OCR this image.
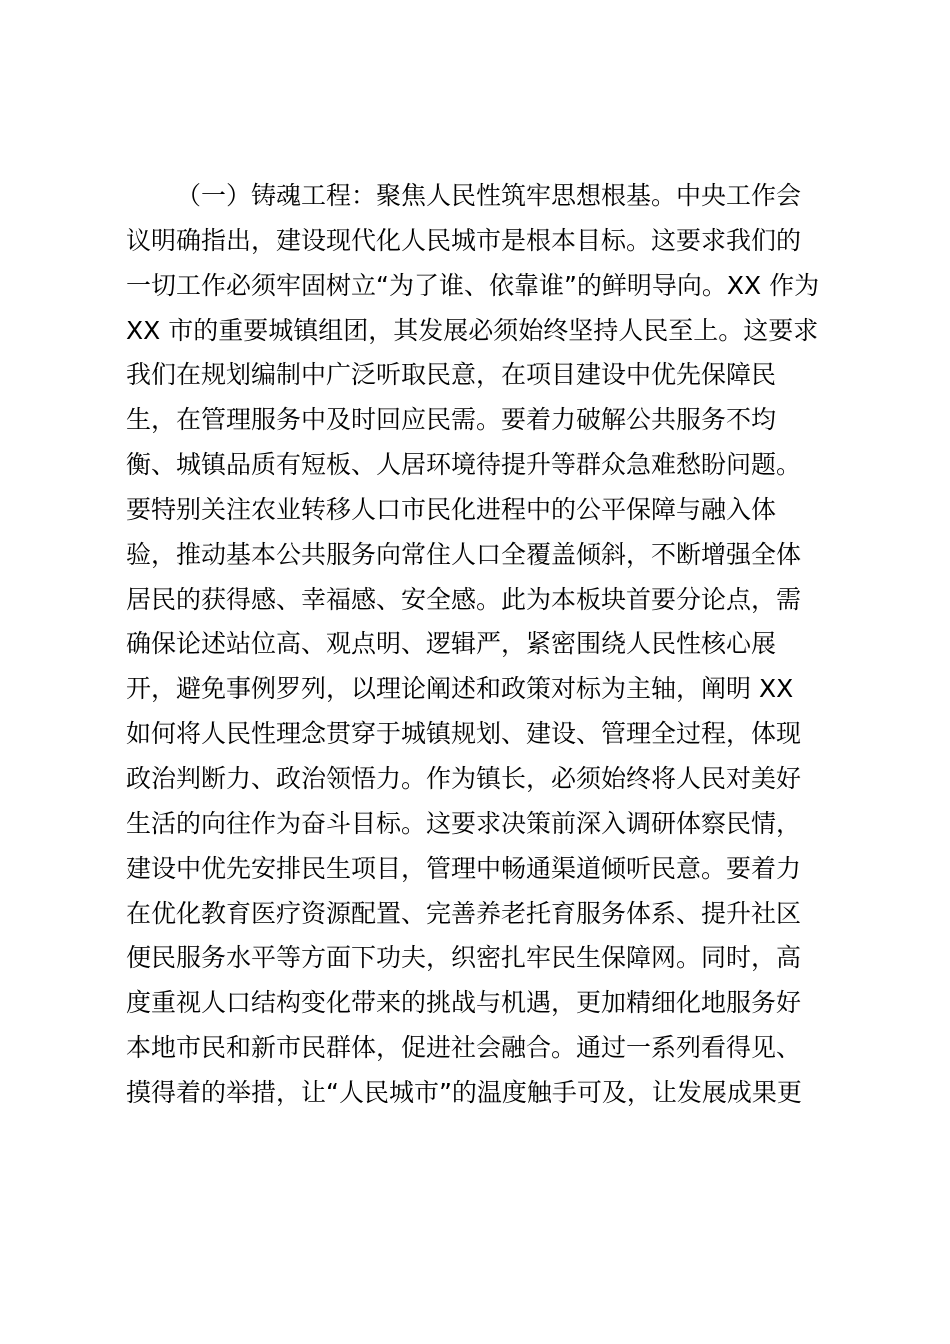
（一）铸魂工程：聚焦人民性筑牢思想根基。中央工作会
议明确指出，建设现代化人民城市是根本目标。这要求我们的
一切工作必须牢固树立“为了谁、依靠谁”的鲜明导向。XX 作为
XX 市的重要城镇组团，其发展必须始终坚持人民至上。这要求
我们在规划编制中广泛听取民意，在项目建设中优先保障民
生，在管理服务中及时回应民需。要着力破解公共服务不均
衡、城镇品质有短板、人居环境待提升等群众急难愁盼问题。
要特别关注农业转移人口市民化进程中的公平保障与融入体
验，推动基本公共服务向常住人口全覆盖倾斜，不断增强全体
居民的获得感、幸福感、安全感。此为本板块首要分论点，需
确保论述站位高、观点明、逻辑严，紧密围绕人民性核心展
开，避免事例罗列，以理论阐述和政策对标为主轴，阐明 XX
如何将人民性理念贯穿于城镇规划、建设、管理全过程，体现
政治判断力、政治领悟力。作为镇长，必须始终将人民对美好
生活的向往作为奋斗目标。这要求决策前深入调研体察民情，
建设中优先安排民生项目，管理中畅通渠道倾听民意。要着力
在优化教育医疗资源配置、完善养老托育服务体系、提升社区
便民服务水平等方面下功夫，织密扎牢民生保障网。同时，高
度重视人口结构变化带来的挑战与机遇，更加精细化地服务好
本地市民和新市民群体，促进社会融合。通过一系列看得见、
摸得着的举措，让“人民城市”的温度触手可及，让发展成果更
